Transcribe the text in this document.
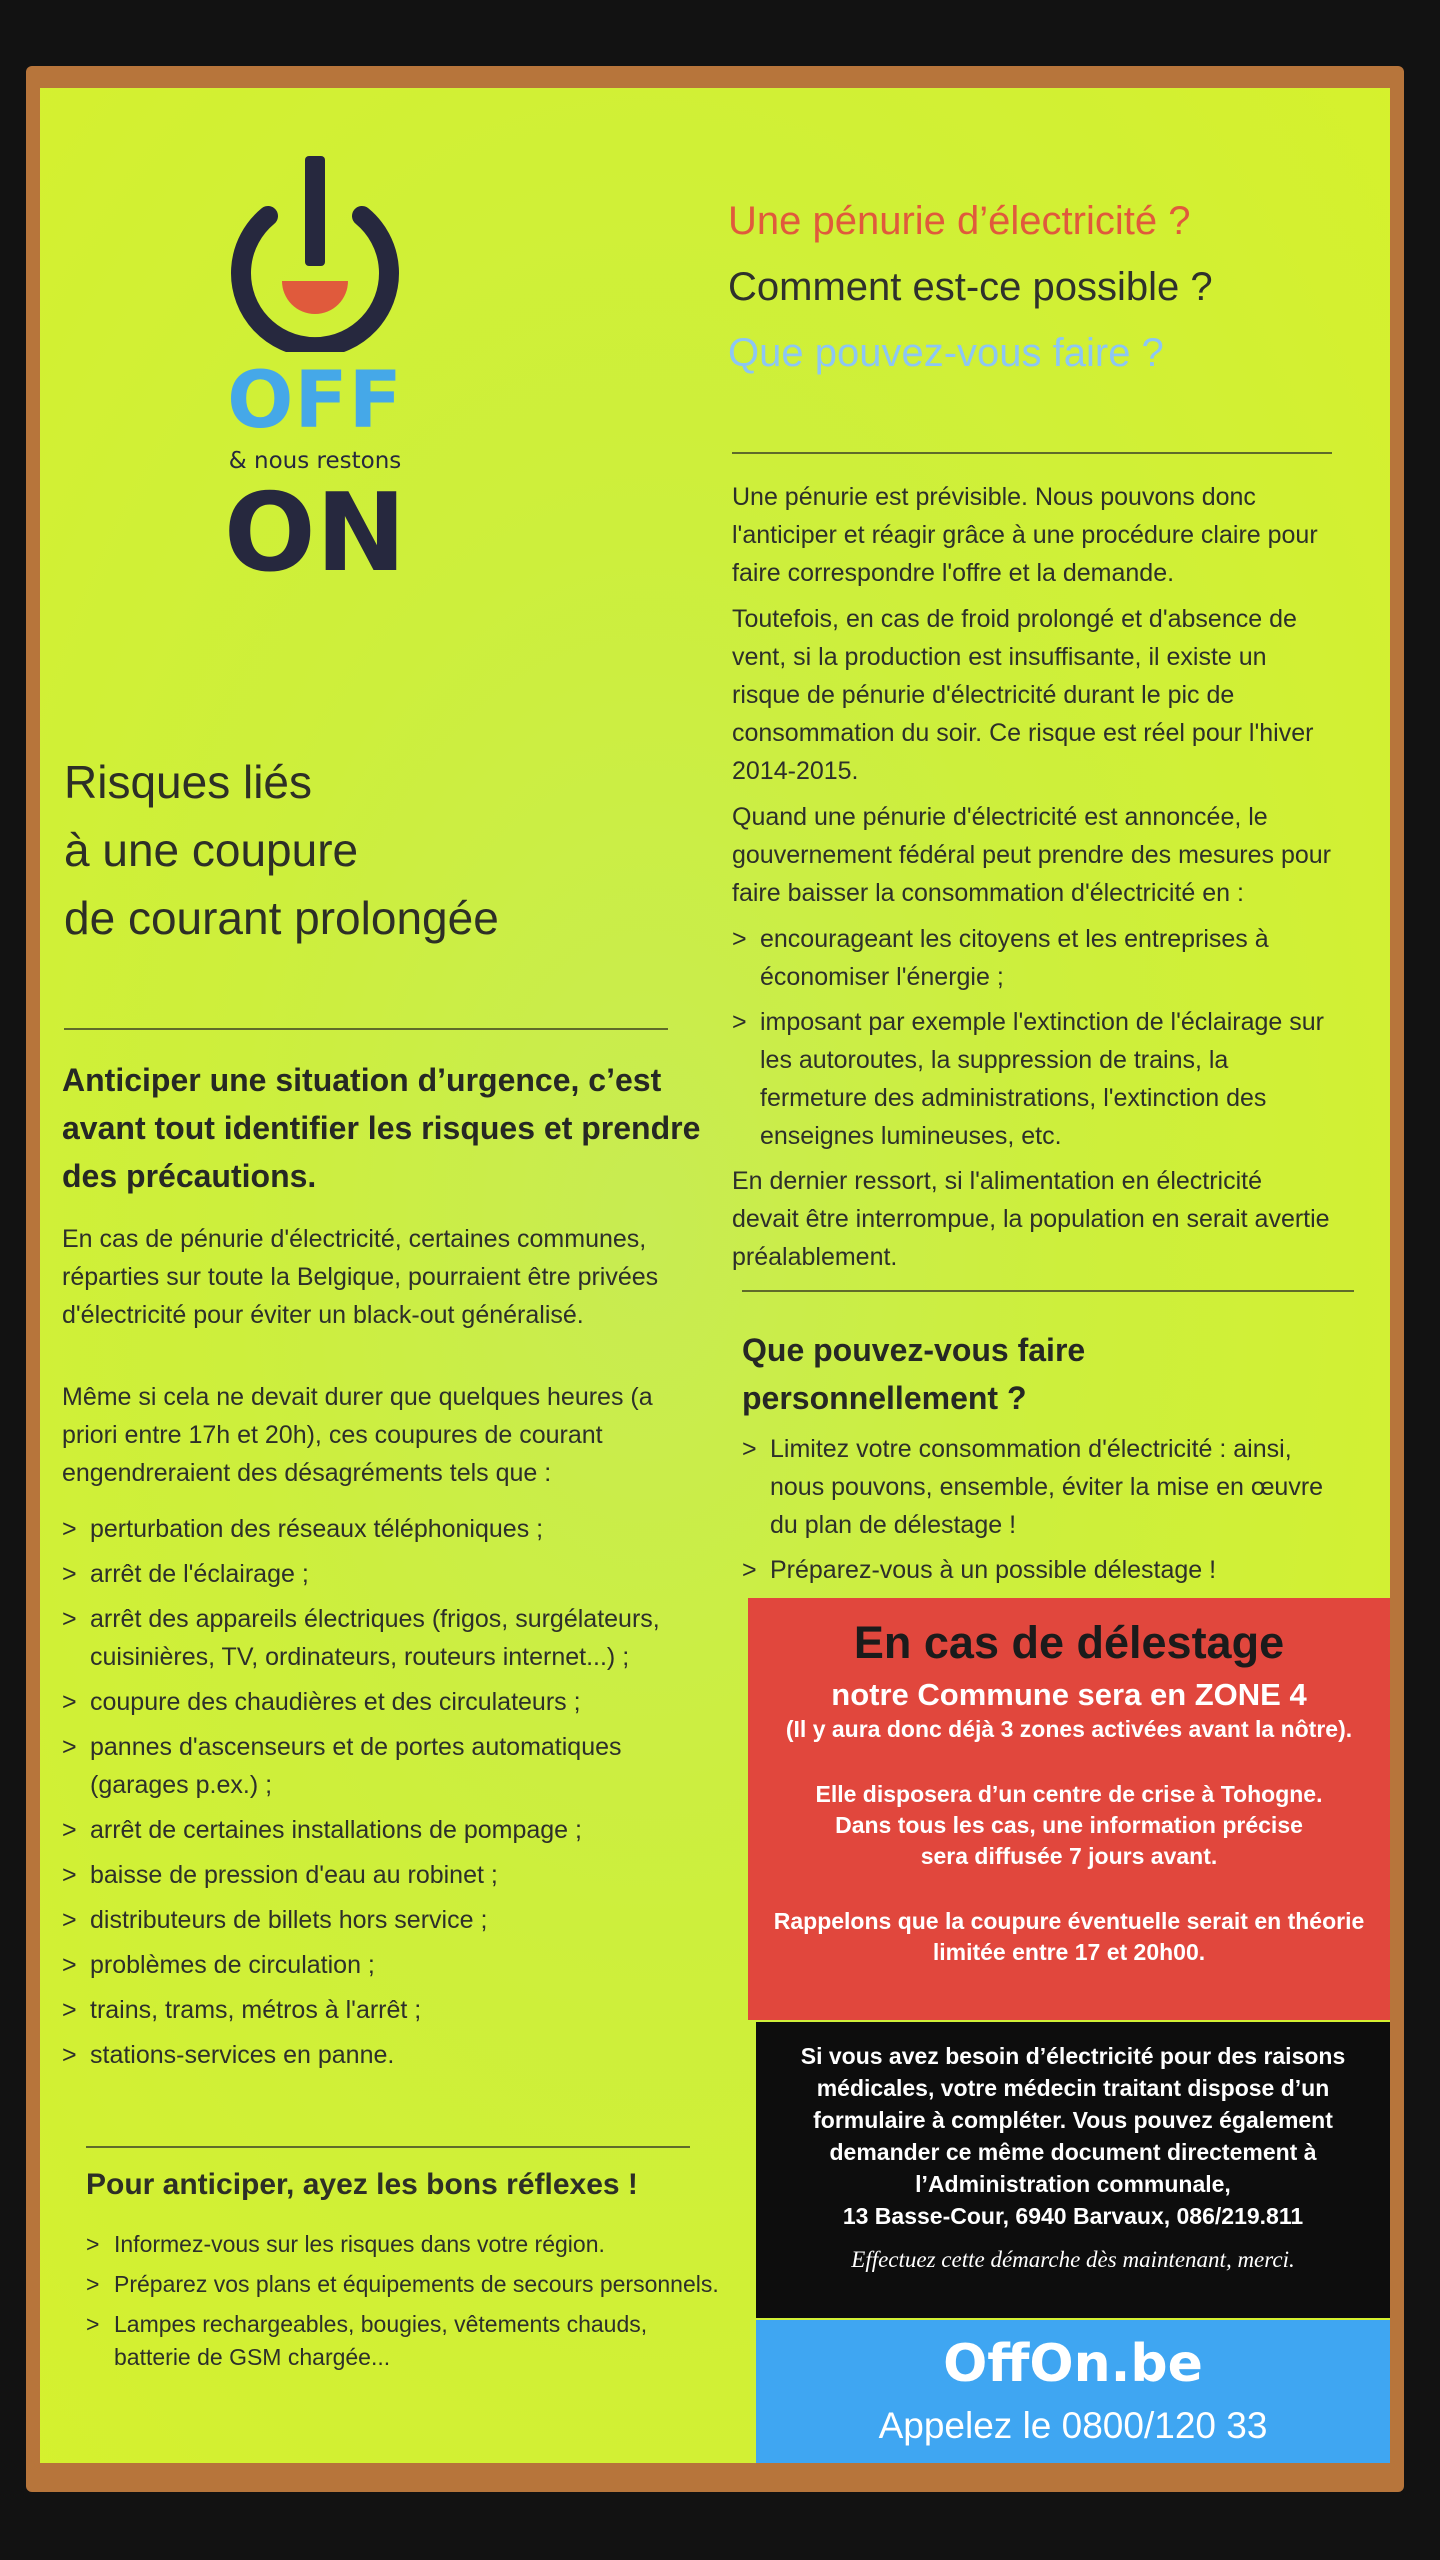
OFF
& nous restons
ON
Risques liés
à une coupure
de courant prolongée
Anticiper une situation d’urgence, c’est avant tout identifier les risques et prendre des précautions.
En cas de pénurie d'électricité, certaines communes, réparties sur toute la Belgique, pourraient être privées d'électricité pour éviter un black-out généralisé.
Même si cela ne devait durer que quelques heures (a priori entre 17h et 20h), ces coupures de courant engendreraient des désagréments tels que :
> perturbation des réseaux téléphoniques ;
> arrêt de l'éclairage ;
> arrêt des appareils électriques (frigos, surgélateurs, cuisinières, TV, ordinateurs, routeurs internet...) ;
> coupure des chaudières et des circulateurs ;
> pannes d'ascenseurs et de portes automatiques (garages p.ex.) ;
> arrêt de certaines installations de pompage ;
> baisse de pression d'eau au robinet ;
> distributeurs de billets hors service ;
> problèmes de circulation ;
> trains, trams, métros à l'arrêt ;
> stations-services en panne.
Pour anticiper, ayez les bons réflexes !
> Informez-vous sur les risques dans votre région.
> Préparez vos plans et équipements de secours personnels.
> Lampes rechargeables, bougies, vêtements chauds, batterie de GSM chargée...
Une pénurie d’électricité ?
Comment est-ce possible ?
Que pouvez-vous faire ?

Une pénurie est prévisible. Nous pouvons donc l'anticiper et réagir grâce à une procédure claire pour faire correspondre l'offre et la demande.

Toutefois, en cas de froid prolongé et d'absence de vent, si la production est insuffisante, il existe un risque de pénurie d'électricité durant le pic de consommation du soir. Ce risque est réel pour l'hiver 2014-2015.

Quand une pénurie d'électricité est annoncée, le gouvernement fédéral peut prendre des mesures pour faire baisser la consommation d'électricité en :

> encourageant les citoyens et les entreprises à économiser l'énergie ;
> imposant par exemple l'extinction de l'éclairage sur les autoroutes, la suppression de trains, la fermeture des administrations, l'extinction des enseignes lumineuses, etc.

En dernier ressort, si l'alimentation en électricité devait être interrompue, la population en serait avertie préalablement.

Que pouvez-vous faire personnellement ?
> Limitez votre consommation d'électricité : ainsi, nous pouvons, ensemble, éviter la mise en œuvre du plan de délestage !
> Préparez-vous à un possible délestage !
En cas de délestage
notre Commune sera en ZONE 4
(Il y aura donc déjà 3 zones activées avant la nôtre).
Elle disposera d’un centre de crise à Tohogne.
Dans tous les cas, une information précise
sera diffusée 7 jours avant.
Rappelons que la coupure éventuelle serait en théorie
limitée entre 17 et 20h00.
Si vous avez besoin d’électricité pour des raisons
médicales, votre médecin traitant dispose d’un
formulaire à compléter. Vous pouvez également
demander ce même document directement à
l’Administration communale,
13 Basse-Cour, 6940 Barvaux, 086/219.811
Effectuez cette démarche dès maintenant, merci.
OffOn.be
Appelez le 0800/120 33
